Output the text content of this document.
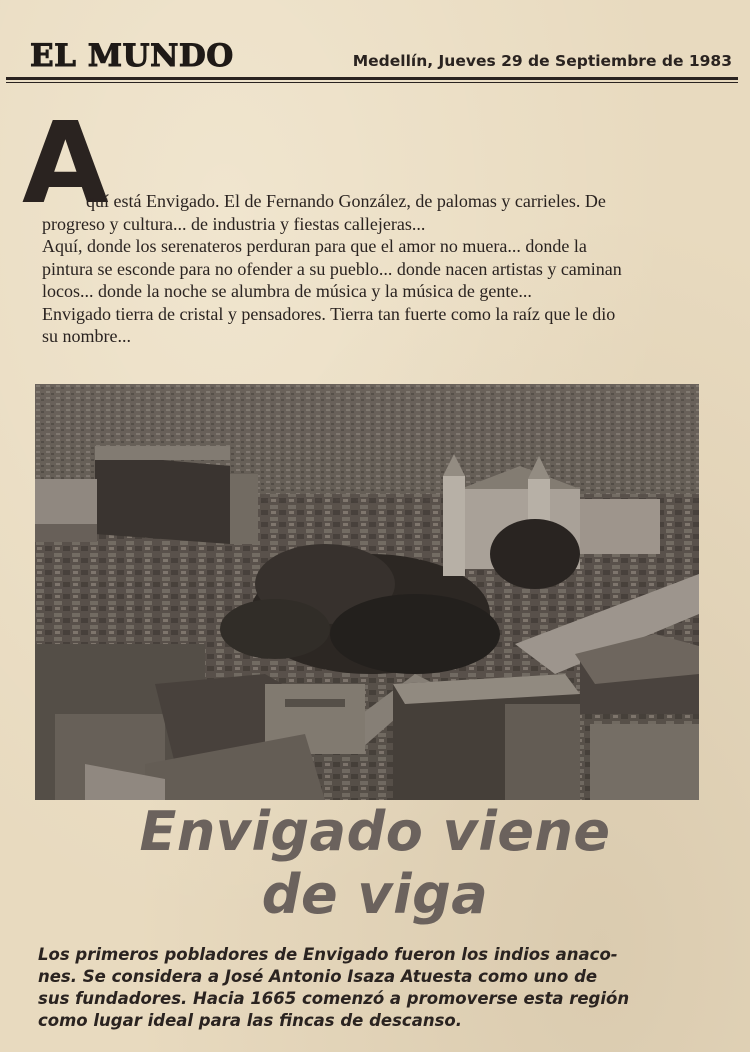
EL MUNDO	Medellín, Jueves 29 de Septiembre de 1983
A
quí está Envigado. El de Fernando González, de palomas y carrieles. De

progreso y cultura... de industria y fiestas callejeras...

Aquí, donde los serenateros perduran para que el amor no muera... donde la

pintura se esconde para no ofender a su pueblo... donde nacen artistas y caminan

locos... donde la noche se alumbra de música y la música de gente...

Envigado tierra de cristal y pensadores. Tierra tan fuerte como la raíz que le dio

su nombre...

Envigado viene
de viga

Los primeros pobladores de Envigado fueron los indios anaco-

nes. Se considera a José Antonio Isaza Atuesta como uno de

sus fundadores. Hacia 1665 comenzó a promoverse esta región

como lugar ideal para las fincas de descanso.
